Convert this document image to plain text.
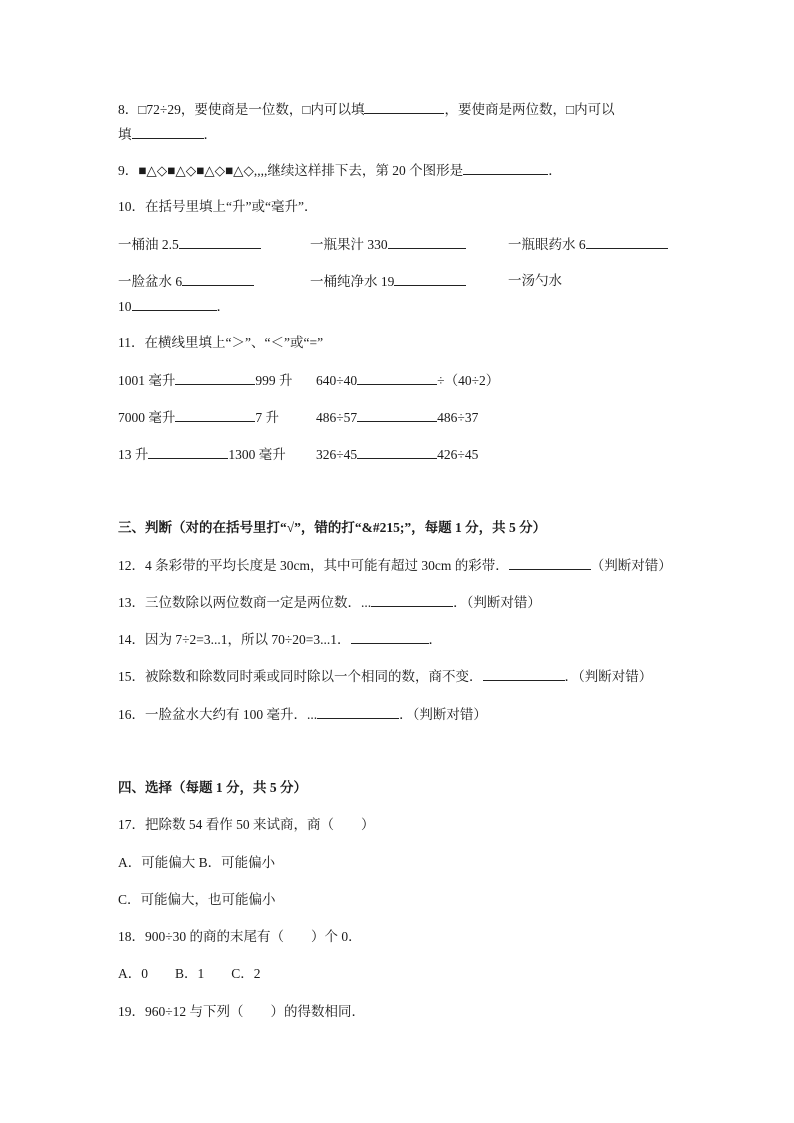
8．□72÷29，要使商是一位数，□内可以填	，要使商是两位数，□内可以
填	．
9．■△◇■△◇■△◇■△◇,,,,继续这样排下去，第 20 个图形是	．
10．在括号里填上“升”或“毫升”．
一桶油 2.5	一瓶果汁 330	一瓶眼药水 6
一脸盆水 6	一桶纯净水 19	一汤勺水
10	．
11．在横线里填上“＞”、“＜”或“=”
1001 毫升	999 升 640÷40	÷（40÷2）
7000 毫升	7 升	486÷57	486÷37
13 升	1300 毫升 326÷45	426÷45
三、判断（对的在括号里打“√”，错的打“&#215;”，每题 1 分，共 5 分）
12．4 条彩带的平均长度是 30cm，其中可能有超过 30cm 的彩带．	（判断对错）
13．三位数除以两位数商一定是两位数．...	．（判断对错）
14．因为 7÷2=3...1，所以 70÷20=3...1．	．
15．被除数和除数同时乘或同时除以一个相同的数，商不变．	．（判断对错）
16．一脸盆水大约有 100 毫升．...	．（判断对错）
四、选择（每题 1 分，共 5 分）
17．把除数 54 看作 50 来试商，商（　　）
A．可能偏大 B．可能偏小
C．可能偏大，也可能偏小
18．900÷30 的商的末尾有（　　）个 0．
A．0　　B．1　　C．2
19．960÷12 与下列（　　）的得数相同．
